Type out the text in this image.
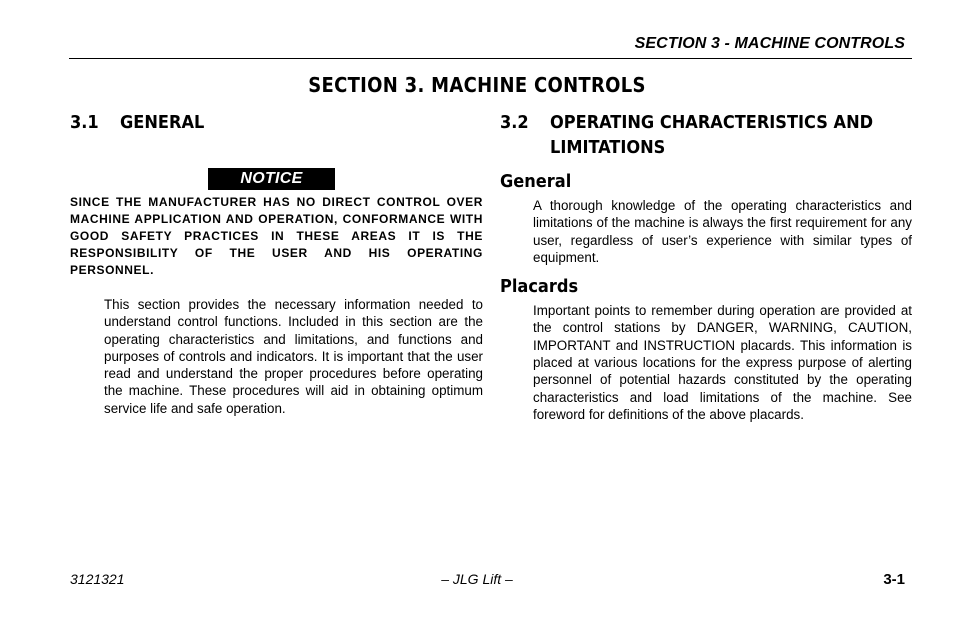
SECTION 3 - MACHINE CONTROLS
SECTION 3. MACHINE CONTROLS
3.1	GENERAL
NOTICE
SINCE THE MANUFACTURER HAS NO DIRECT CONTROL OVER MACHINE APPLICATION AND OPERATION, CONFORMANCE WITH GOOD SAFETY PRACTICES IN THESE AREAS IT IS THE RESPONSIBILITY OF THE USER AND HIS OPERATING PERSONNEL.
This section provides the necessary information needed to understand control functions. Included in this section are the operating characteristics and limitations, and functions and purposes of controls and indicators. It is important that the user read and understand the proper procedures before operating the machine. These procedures will aid in obtaining optimum service life and safe operation.
3.2	OPERATING CHARACTERISTICS AND LIMITATIONS
General
A thorough knowledge of the operating characteristics and limitations of the machine is always the first requirement for any user, regardless of user’s experience with similar types of equipment.
Placards
Important points to remember during operation are provided at the control stations by DANGER, WARNING, CAUTION, IMPORTANT and INSTRUCTION placards. This information is placed at various locations for the express purpose of alerting personnel of potential hazards constituted by the operating characteristics and load limitations of the machine. See foreword for definitions of the above placards.
3121321	– JLG Lift –	3-1
